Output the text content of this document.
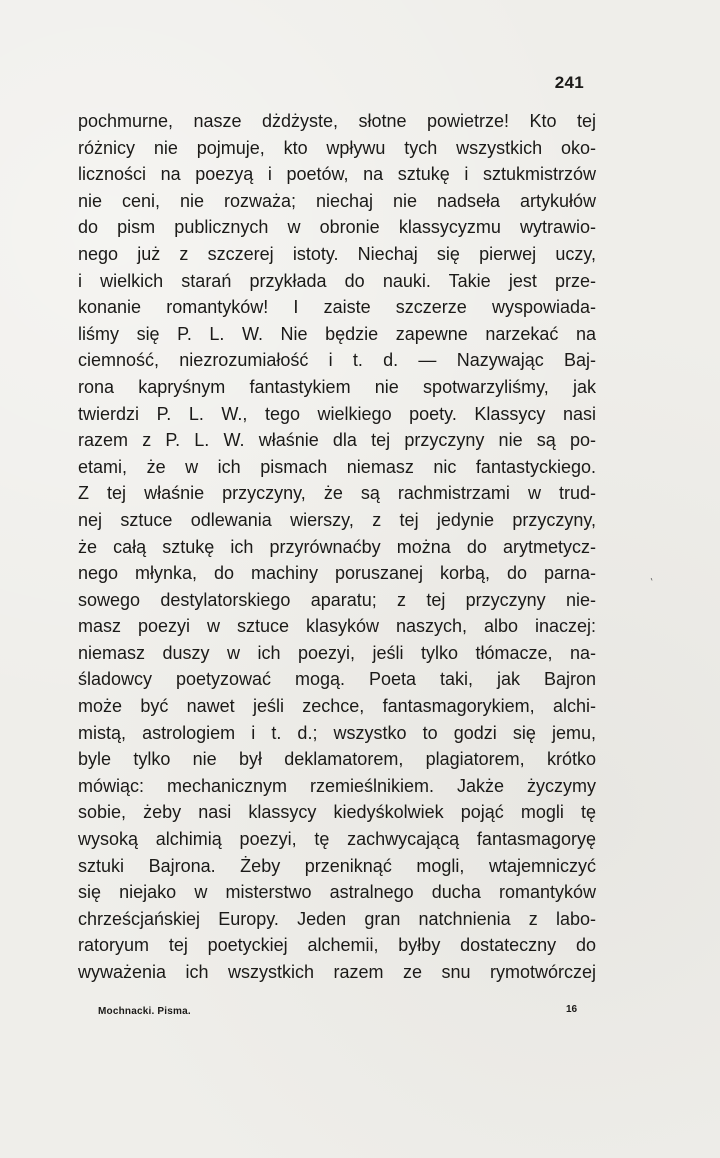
241
pochmurne, nasze dżdżyste, słotne powietrze! Kto tej
różnicy nie pojmuje, kto wpływu tych wszystkich oko-
liczności na poezyą i poetów, na sztukę i sztukmistrzów
nie ceni, nie rozważa; niechaj nie nadseła artykułów
do pism publicznych w obronie klassycyzmu wytrawio-
nego już z szczerej istoty. Niechaj się pierwej uczy,
i wielkich starań przykłada do nauki. Takie jest prze-
konanie romantyków! I zaiste szczerze wyspowiada-
liśmy się P. L. W. Nie będzie zapewne narzekać na
ciemność, niezrozumiałość i t. d. — Nazywając Baj-
rona kapryśnym fantastykiem nie spotwarzyliśmy, jak
twierdzi P. L. W., tego wielkiego poety. Klassycy nasi
razem z P. L. W. właśnie dla tej przyczyny nie są po-
etami, że w ich pismach niemasz nic fantastyckiego.
Z tej właśnie przyczyny, że są rachmistrzami w trud-
nej sztuce odlewania wierszy, z tej jedynie przyczyny,
że całą sztukę ich przyrównaćby można do arytmetycz-
nego młynka, do machiny poruszanej korbą, do parna-
sowego destylatorskiego aparatu; z tej przyczyny nie-
masz poezyi w sztuce klasyków naszych, albo inaczej:
niemasz duszy w ich poezyi, jeśli tylko tłómacze, na-
śladowcy poetyzować mogą. Poeta taki, jak Bajron
może być nawet jeśli zechce, fantasmagorykiem, alchi-
mistą, astrologiem i t. d.; wszystko to godzi się jemu,
byle tylko nie był deklamatorem, plagiatorem, krótko
mówiąc: mechanicznym rzemieślnikiem. Jakże życzymy
sobie, żeby nasi klassycy kiedyśkolwiek pojąć mogli tę
wysoką alchimią poezyi, tę zachwycającą fantasmagoryę
sztuki Bajrona. Żeby przeniknąć mogli, wtajemniczyć
się niejako w misterstwo astralnego ducha romantyków
chrześcjańskiej Europy. Jeden gran natchnienia z labo-
ratoryum tej poetyckiej alchemii, byłby dostateczny do
wyważenia ich wszystkich razem ze snu rymotwórczej
Mochnacki. Pisma.	16
`
